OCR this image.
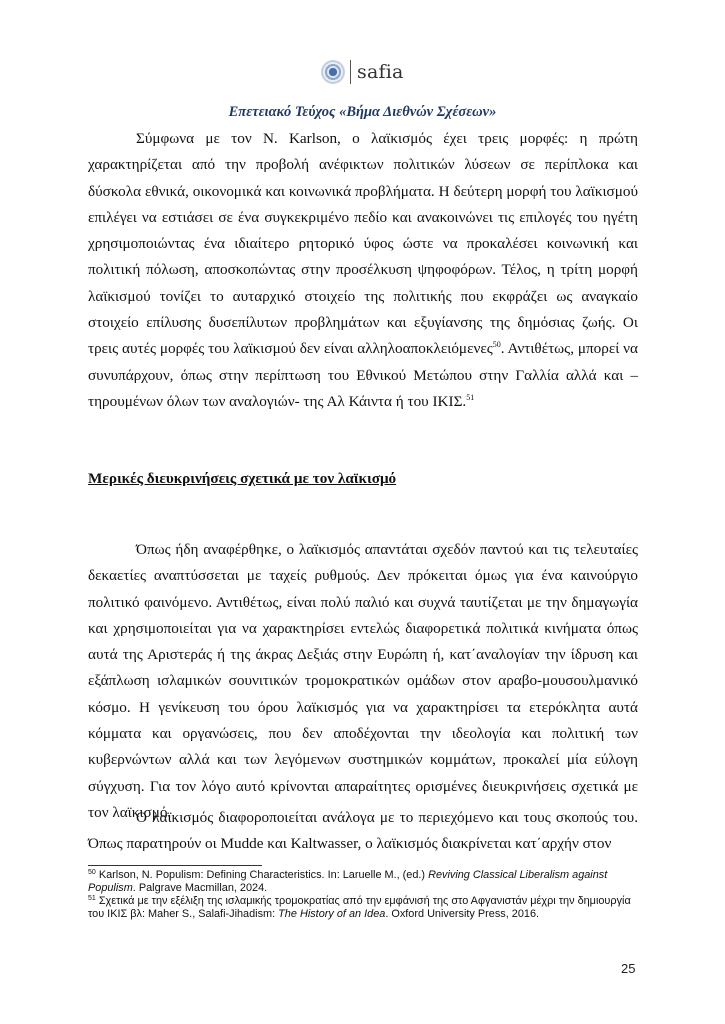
safia
Επετειακό Τεύχος «Βήμα Διεθνών Σχέσεων»

Σύμφωνα με τον N. Karlson, ο λαϊκισμός έχει τρεις μορφές: η πρώτη χαρακτηρίζεται από την προβολή ανέφικτων πολιτικών λύσεων σε περίπλοκα και δύσκολα εθνικά, οικονομικά και κοινωνικά προβλήματα. Η δεύτερη μορφή του λαϊκισμού επιλέγει να εστιάσει σε ένα συγκεκριμένο πεδίο και ανακοινώνει τις επιλογές του ηγέτη χρησιμοποιώντας ένα ιδιαίτερο ρητορικό ύφος ώστε να προκαλέσει κοινωνική και πολιτική πόλωση, αποσκοπώντας στην προσέλκυση ψηφοφόρων. Τέλος, η τρίτη μορφή λαϊκισμού τονίζει το αυταρχικό στοιχείο της πολιτικής που εκφράζει ως αναγκαίο στοιχείο επίλυσης δυσεπίλυτων προβλημάτων και εξυγίανσης της δημόσιας ζωής. Οι τρεις αυτές μορφές του λαϊκισμού δεν είναι αλληλοαποκλειόμενες$^{50}$. Αντιθέτως, μπορεί να συνυπάρχουν, όπως στην περίπτωση του Εθνικού Μετώπου στην Γαλλία αλλά και –τηρουμένων όλων των αναλογιών- της Αλ Κάιντα ή του ΙΚΙΣ.$^{51}$

Μερικές διευκρινήσεις σχετικά με τον λαϊκισμό

Όπως ήδη αναφέρθηκε, ο λαϊκισμός απαντάται σχεδόν παντού και τις τελευταίες δεκαετίες αναπτύσσεται με ταχείς ρυθμούς. Δεν πρόκειται όμως για ένα καινούργιο πολιτικό φαινόμενο. Αντιθέτως, είναι πολύ παλιό και συχνά ταυτίζεται με την δημαγωγία και χρησιμοποιείται για να χαρακτηρίσει εντελώς διαφορετικά πολιτικά κινήματα όπως αυτά της Αριστεράς ή της άκρας Δεξιάς στην Ευρώπη ή, κατ΄αναλογίαν την ίδρυση και εξάπλωση ισλαμικών σουνιτικών τρομοκρατικών ομάδων στον αραβο-μουσουλμανικό κόσμο. Η γενίκευση του όρου λαϊκισμός για να χαρακτηρίσει τα ετερόκλητα αυτά κόμματα και οργανώσεις, που δεν αποδέχονται την ιδεολογία και πολιτική των κυβερνώντων αλλά και των λεγόμενων συστημικών κομμάτων, προκαλεί μία εύλογη σύγχυση. Για τον λόγο αυτό κρίνονται απαραίτητες ορισμένες διευκρινήσεις σχετικά με τον λαϊκισμό.

Ο λαϊκισμός διαφοροποιείται ανάλογα με το περιεχόμενο και τους σκοπούς του. Όπως παρατηρούν οι Mudde και Kaltwasser, ο λαϊκισμός διακρίνεται κατ΄αρχήν στον

$^{50}$ Karlson, N. Populism: Defining Characteristics. In: Laruelle M., (ed.) Reviving Classical Liberalism against Populism. Palgrave Macmillan, 2024.

$^{51}$ Σχετικά με την εξέλιξη της ισλαμικής τρομοκρατίας από την εμφάνισή της στο Αφγανιστάν μέχρι την δημιουργία του ΙΚΙΣ βλ: Maher S., Salafi-Jihadism: The History of an Idea. Oxford University Press, 2016.

25
